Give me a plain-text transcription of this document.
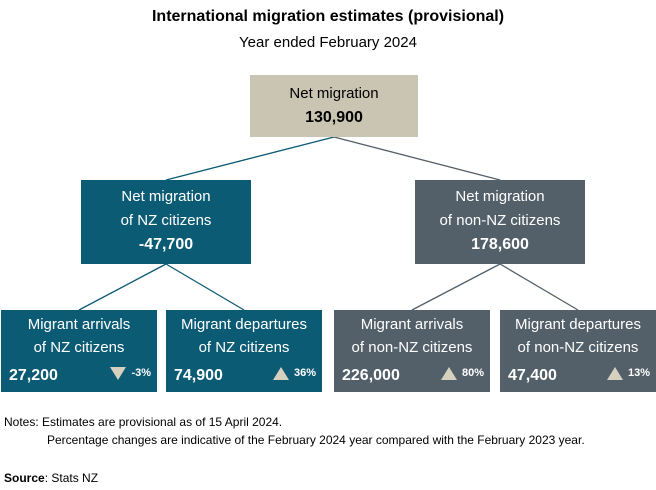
International migration estimates (provisional)
Year ended February 2024
Net migration
130,900
Net migration
of NZ citizens
-47,700
Net migration
of non-NZ citizens
178,600
Migrant arrivals
of NZ citizens
27,200	-3%
Migrant departures
of NZ citizens
74,900	36%
Migrant arrivals
of non-NZ citizens
226,000	80%
Migrant departures
of non-NZ citizens
47,400	13%
Notes: Estimates are provisional as of 15 April 2024.
Percentage changes are indicative of the February 2024 year compared with the February 2023 year.
Source: Stats NZ
